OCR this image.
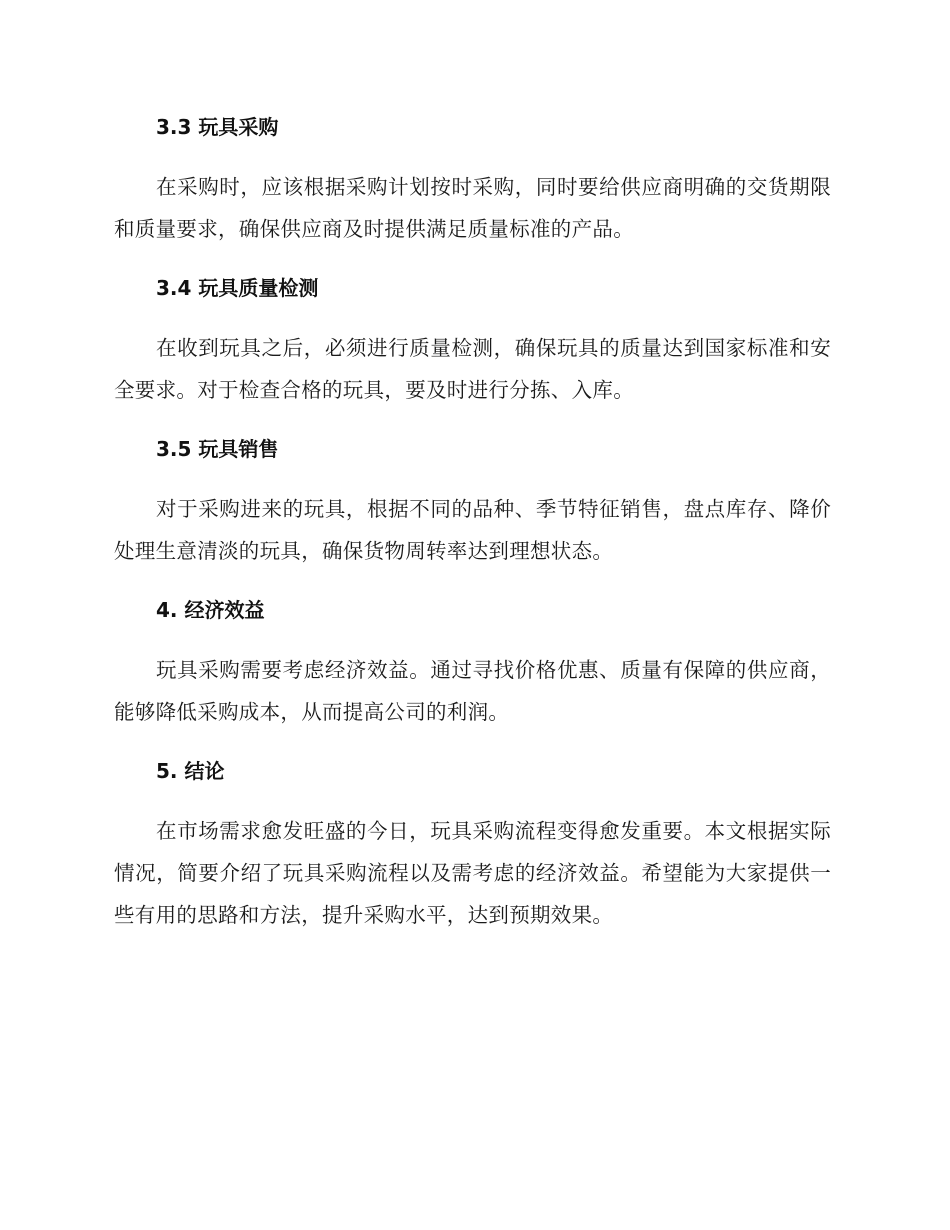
3.3 玩具采购

在采购时，应该根据采购计划按时采购，同时要给供应商明确的交货期限和质量要求，确保供应商及时提供满足质量标准的产品。

3.4 玩具质量检测

在收到玩具之后，必须进行质量检测，确保玩具的质量达到国家标准和安全要求。对于检查合格的玩具，要及时进行分拣、入库。

3.5 玩具销售

对于采购进来的玩具，根据不同的品种、季节特征销售，盘点库存、降价处理生意清淡的玩具，确保货物周转率达到理想状态。

4. 经济效益

玩具采购需要考虑经济效益。通过寻找价格优惠、质量有保障的供应商，能够降低采购成本，从而提高公司的利润。

5. 结论

在市场需求愈发旺盛的今日，玩具采购流程变得愈发重要。本文根据实际情况，简要介绍了玩具采购流程以及需考虑的经济效益。希望能为大家提供一些有用的思路和方法，提升采购水平，达到预期效果。
